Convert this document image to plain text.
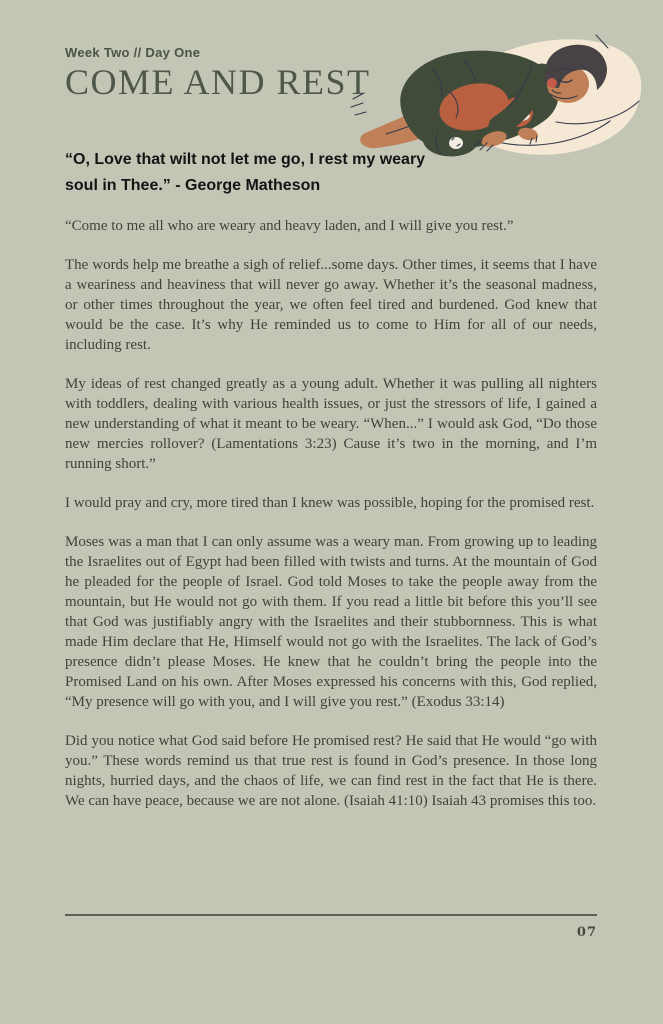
Week Two // Day One
COME AND REST
“O, Love that wilt not let me go, I rest my weary soul in Thee.” - George Matheson

“Come to me all who are weary and heavy laden, and I will give you rest.”

The words help me breathe a sigh of relief...some days. Other times, it seems that I have a weariness and heaviness that will never go away. Whether it’s the seasonal madness, or other times throughout the year, we often feel tired and burdened. God knew that would be the case. It’s why He reminded us to come to Him for all of our needs, including rest.

My ideas of rest changed greatly as a young adult. Whether it was pulling all nighters with toddlers, dealing with various health issues, or just the stressors of life, I gained a new understanding of what it meant to be weary. “When...” I would ask God, “Do those new mercies rollover? (Lamentations 3:23) Cause it’s two in the morning, and I’m running short.”

I would pray and cry, more tired than I knew was possible, hoping for the promised rest.

Moses was a man that I can only assume was a weary man. From growing up to leading the Israelites out of Egypt had been filled with twists and turns. At the mountain of God he pleaded for the people of Israel. God told Moses to take the people away from the mountain, but He would not go with them. If you read a little bit before this you’ll see that God was justifiably angry with the Israelites and their stubbornness. This is what made Him declare that He, Himself would not go with the Israelites. The lack of God’s presence didn’t please Moses. He knew that he couldn’t bring the people into the Promised Land on his own. After Moses expressed his concerns with this, God replied, “My presence will go with you, and I will give you rest.” (Exodus 33:14)

Did you notice what God said before He promised rest? He said that He would “go with you.” These words remind us that true rest is found in God’s presence. In those long nights, hurried days, and the chaos of life, we can find rest in the fact that He is there. We can have peace, because we are not alone. (Isaiah 41:10) Isaiah 43 promises this too.

07
